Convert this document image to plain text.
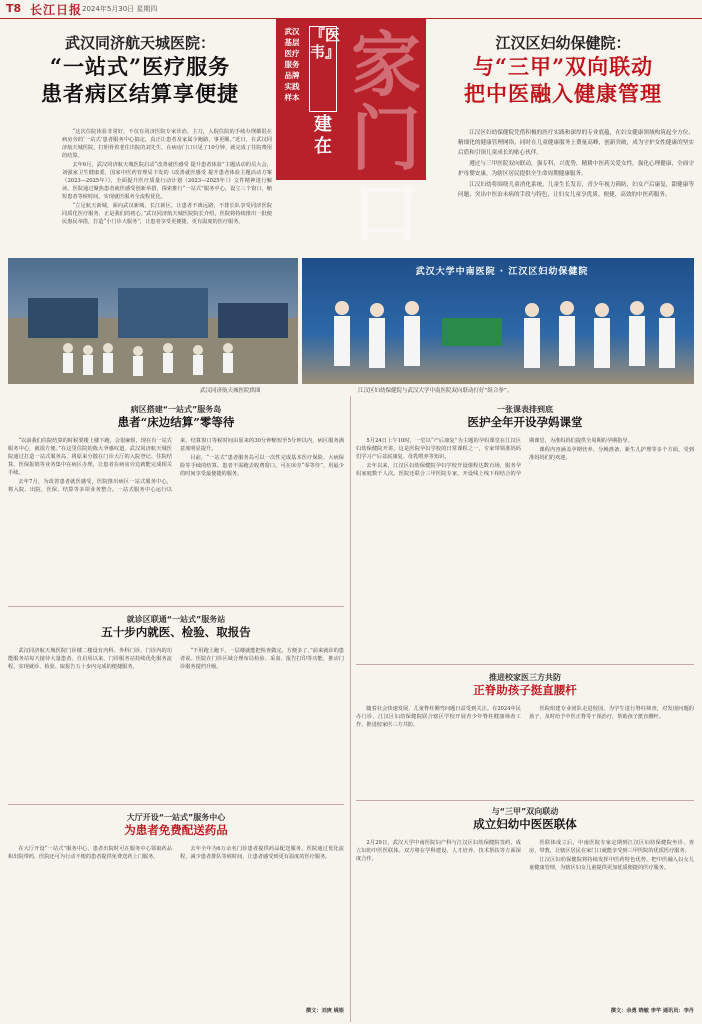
T8 长江日报 2024年5月30日 星期四
武汉基层医疗服务品牌实践样本
『医韦』
建在
家门口
武汉同济航天城医院：
“一站式”医疗服务
患者病区结算享便捷
江汉区妇幼保健院：
与“三甲”双向联动
把中医融入健康管理

“这次住院体验非常好，不仅有同济医院专家诊治，主刀，入院住院的手续办理都很在病房旁的‘一站式’患者服务中心搞定，真正让患者及家属少跑路，事更顺。”近日，在武汉同济航天城医院，打胆骨着老住出院的刘先生，在病房门口只见了10分钟，就完成了住院费用的结算。

去年6月，武汉同济航天城医院启动“改善就医感受 提升患者体验”主题活动的员大会，刘强家卫生健康委，国家中医药管理局下发的《改善就医感受 提升患者体验主题活动方案（2023—2025年）》，全面提升医疗质量行动计划（2023—2025年）》文件精神进行解读。医院通过聚焦患者就医感受创新举措，探索推行“一站式”服务中心，设立三个窗口，缩短患者等候时间，实现就医服务全流程优化。

“立足航天新城，面向武汉新城，长江新区，让患者不离远路，不排长队享受同济医院同质化医疗服务，正是我们的初心。”武汉同济航天城医院院长介绍，医院将持续推出一批便民惠民举措，打造“小门诊大服务”，让患者享受更便捷、更有温度的医疗服务。

江汉区妇幼保健院凭借积极的医疗实践和深厚的专业底蕴，在妇女健康领域构筑起全方位、精细化的健康管理网络，同时在儿童健康服务上费量高峰，创新突破，成为守护女性健康的坚实后盾和引领儿童成长的贴心伙伴。

遵过与三甲医院双向联动，强专科，兴优势，精耕中医药关爱女性，强化心理健康，全面守护母婴安康，为辖区居民提供全生命周期健康服务。

江汉妇幼将围绕儿童消化系统，儿童生长发育，青少年视力筛防，妇女产后康复，甜健康等问题，突出中医治未病的手段与特色，让妇女儿童享优质、便捷、高效的中医药服务。

武汉同济航天城医院供图
武汉大学中南医院 · 江汉区妇幼保健院
江汉区妇幼保健院与武汉大学中南医院双向联动打好“组合拳”。
病区搭建“一站式”服务岛
患者“床边结算”零等待

“以前我们住院结算的时候要楼上楼下跑，会很麻烦，现在有一站式服务中心，就很方便。”在这里住院的陈大爷感叹道。武汉同济航天城医院通过打造一站式服务岛，将原来分散在门诊大厅的入院登记、住院结算、医保报销等业务集中在病区办理，让患者在病房旁边就能完成相关手续。

去年7月，为改善患者就医感受，医院推出病区一站式服务中心，将入院、出院、医保、结算等多项业务整合。一站式服务中心运行以来，结算窗口等候时间由原来的30分钟缩短至5分钟以内，病区服务满意度明显提升。

目前，“一站式”患者服务岛可以一次性完成基本医疗保险、大病保险等手续的结算。患者不需跑去收费窗口，可在床旁“零等待”，用最少的时间享受最便捷的服务。

就诊区联通“一站式”服务站
五十步内就医、检验、取报告

武汉同济航天城医院门诊楼二楼设有内科、外科门诊，门诊内的功能服务站每天接待大量患者。自启用以来，门诊服务站持续优化服务流程，实现就诊、检验、取报告五十步内完成的便捷服务。

“不用跑上跑下，一层楼就能把检查做完，方便多了。”前来就诊的患者说。医院在门诊区域合理布局检验、采血、报告打印等功能，推动门诊服务提档升级。

大厅开设“一站式”服务中心
为患者免费配送药品

在大厅开设“一站式”服务中心，患者出院时可在服务中心领取药品和出院带药，医院还可为行动不便的患者提供免费送药上门服务。

去年全年为6万余名门诊患者提供药品配送服务。医院通过优化流程，减少患者排队等候时间，让患者感受到更有温度的医疗服务。

撰文：刘庚 姚银
一张课表排到底
医护全年开设孕妈课堂

5月24日上午10时，一堂以“产后康复”为主题的孕妈课堂在江汉区妇幼保健院开讲。这是医院孕妇学校的日常课程之一，专家带领准妈妈们学习产后盆底康复、母乳喂养等知识。

去年以来，江汉区妇幼保健院孕妇学校开设课程达数百场，服务孕妈家庭数千人次。医院还联合三甲医院专家，开设线上线下相结合的孕期课堂，为准妈妈们提供全周期的孕期指导。

课程内容涵盖孕期营养、分娩准备、新生儿护理等多个方面，受到准妈妈们的欢迎。

推进校家医三方共防
正脊助孩子挺直腰杆

随着社会快速发展，儿童脊柱侧弯问题日益受到关注。在2024年民办门诊，江汉区妇幼保健院联合辖区学校开展青少年脊柱健康筛查工作，推进校家医三方共防。

医院组建专业团队走进校园，为学生进行脊柱筛查，对发现问题的孩子，及时给予中医正脊等干预治疗，帮助孩子挺直腰杆。

与“三甲”双向联动
成立妇幼中医医联体

2月29日，武汉大学中南医院妇产科与江汉区妇幼保健院签约，成立妇幼中医医联体。双方将在学科建设、人才培养、技术帮扶等方面深度合作。

医联体成立后，中南医院专家定期到江汉区妇幼保健院坐诊、查房、带教，让辖区居民在家门口就能享受到三甲医院的优质医疗服务。

江汉区妇幼保健院将持续发挥中医药特色优势，把中医融入妇女儿童健康管理，为辖区妇女儿童提供更加优质便捷的医疗服务。

撰文：余勇 晓敏 李芊 通讯员：李丹
